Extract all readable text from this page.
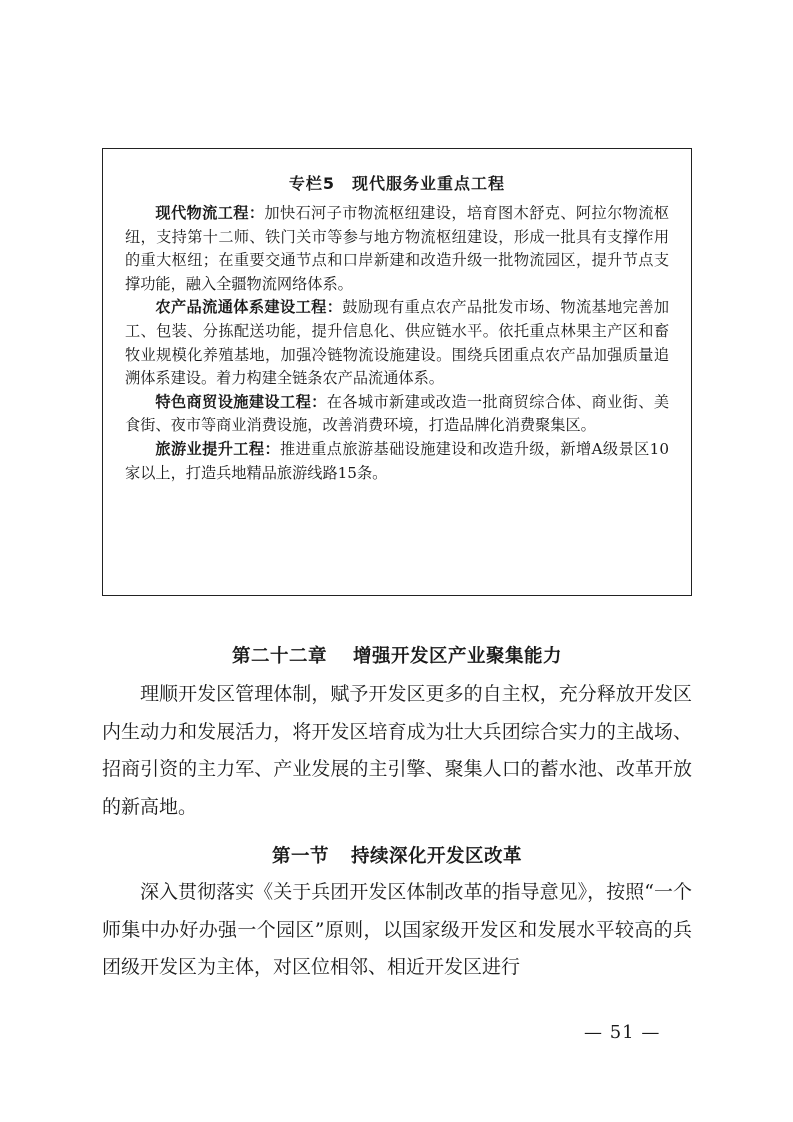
专栏5　现代服务业重点工程

现代物流工程：加快石河子市物流枢纽建设，培育图木舒克、阿拉尔物流枢纽，支持第十二师、铁门关市等参与地方物流枢纽建设，形成一批具有支撑作用的重大枢纽；在重要交通节点和口岸新建和改造升级一批物流园区，提升节点支撑功能，融入全疆物流网络体系。

农产品流通体系建设工程：鼓励现有重点农产品批发市场、物流基地完善加工、包装、分拣配送功能，提升信息化、供应链水平。依托重点林果主产区和畜牧业规模化养殖基地，加强冷链物流设施建设。围绕兵团重点农产品加强质量追溯体系建设。着力构建全链条农产品流通体系。

特色商贸设施建设工程：在各城市新建或改造一批商贸综合体、商业街、美食街、夜市等商业消费设施，改善消费环境，打造品牌化消费聚集区。

旅游业提升工程：推进重点旅游基础设施建设和改造升级，新增A级景区10家以上，打造兵地精品旅游线路15条。

第二十二章 增强开发区产业聚集能力

理顺开发区管理体制，赋予开发区更多的自主权，充分释放开发区内生动力和发展活力，将开发区培育成为壮大兵团综合实力的主战场、招商引资的主力军、产业发展的主引擎、聚集人口的蓄水池、改革开放的新高地。

第一节 持续深化开发区改革

深入贯彻落实《关于兵团开发区体制改革的指导意见》，按照“一个师集中办好办强一个园区”原则，以国家级开发区和发展水平较高的兵团级开发区为主体，对区位相邻、相近开发区进行

— 51 —
